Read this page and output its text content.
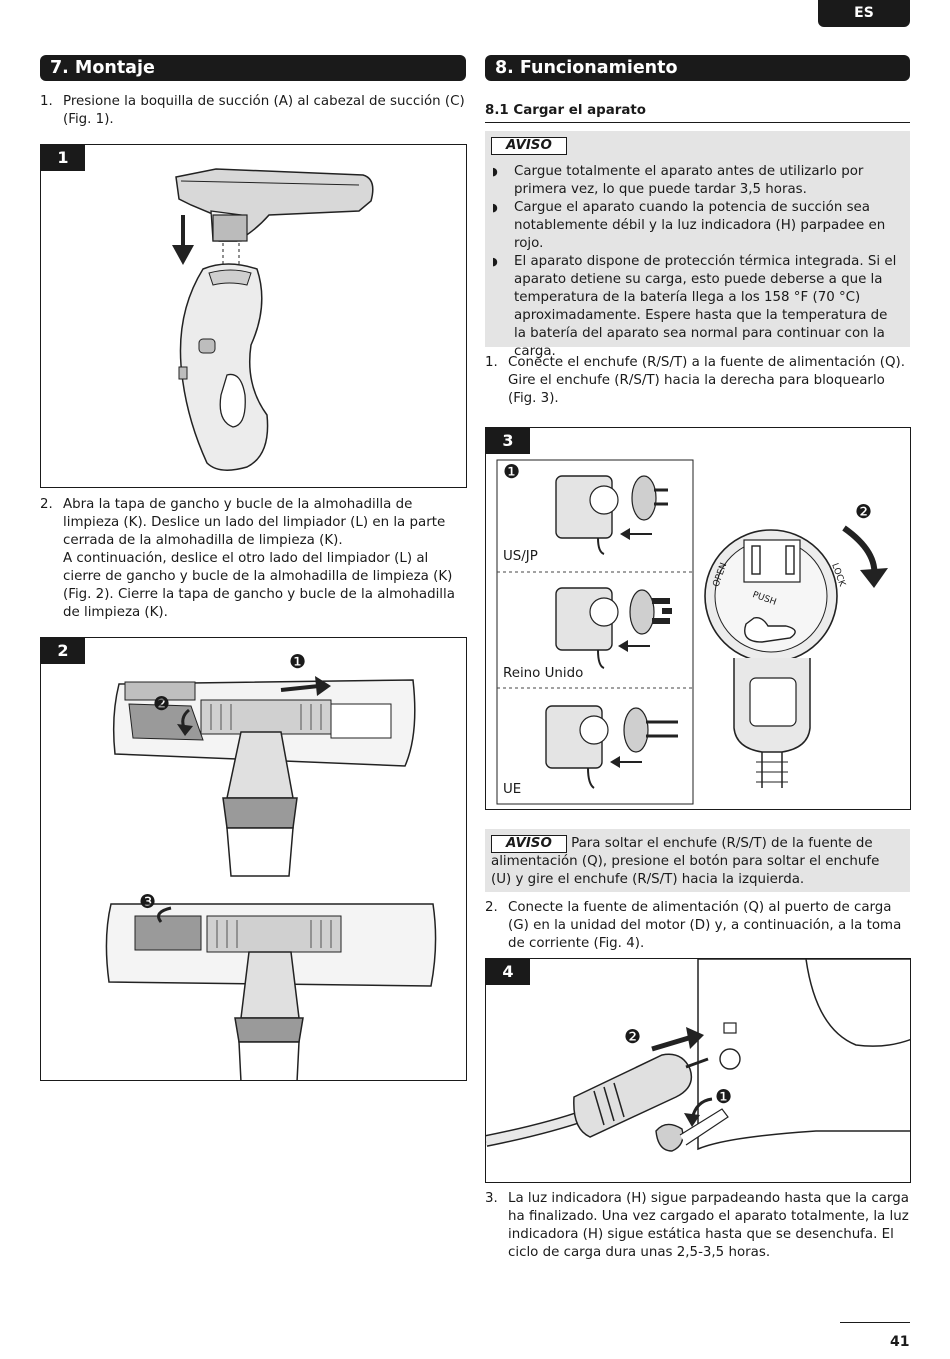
ES
7. Montaje
1. Presione la boquilla de succión (A) al cabezal de succión (C) (Fig. 1).
1
2. Abra la tapa de gancho y bucle de la almohadilla de limpieza (K). Deslice un lado del limpiador (L) en la parte cerrada de la almohadilla de limpieza (K).
A continuación, deslice el otro lado del limpiador (L) al cierre de gancho y bucle de la almohadilla de limpieza (K) (Fig. 2). Cierre la tapa de gancho y bucle de la almohadilla de limpieza (K).
2
❶
❷
❸
8. Funcionamiento
8.1 Cargar el aparato
AVISO
◗ Cargue totalmente el aparato antes de utilizarlo por primera vez, lo que puede tardar 3,5 horas.
◗ Cargue el aparato cuando la potencia de succión sea notablemente débil y la luz indicadora (H) parpadee en rojo.
◗ El aparato dispone de protección térmica integrada. Si el aparato detiene su carga, esto puede deberse a que la temperatura de la batería llega a los 158 °F (70 °C) aproximadamente. Espere hasta que la temperatura de la batería del aparato sea normal para continuar con la carga.
1. Conecte el enchufe (R/S/T) a la fuente de alimentación (Q). Gire el enchufe (R/S/T) hacia la derecha para bloquearlo (Fig. 3).
3
❶
❷
US/JP
Reino Unido
UE
OPEN
PUSH
LOCK
AVISO Para soltar el enchufe (R/S/T) de la fuente de alimentación (Q), presione el botón para soltar el enchufe (U) y gire el enchufe (R/S/T) hacia la izquierda.
2. Conecte la fuente de alimentación (Q) al puerto de carga (G) en la unidad del motor (D) y, a continuación, a la toma de corriente (Fig. 4).
4
❷
❶
3. La luz indicadora (H) sigue parpadeando hasta que la carga ha finalizado. Una vez cargado el aparato totalmente, la luz indicadora (H) sigue estática hasta que se desenchufa. El ciclo de carga dura unas 2,5-3,5 horas.
41
